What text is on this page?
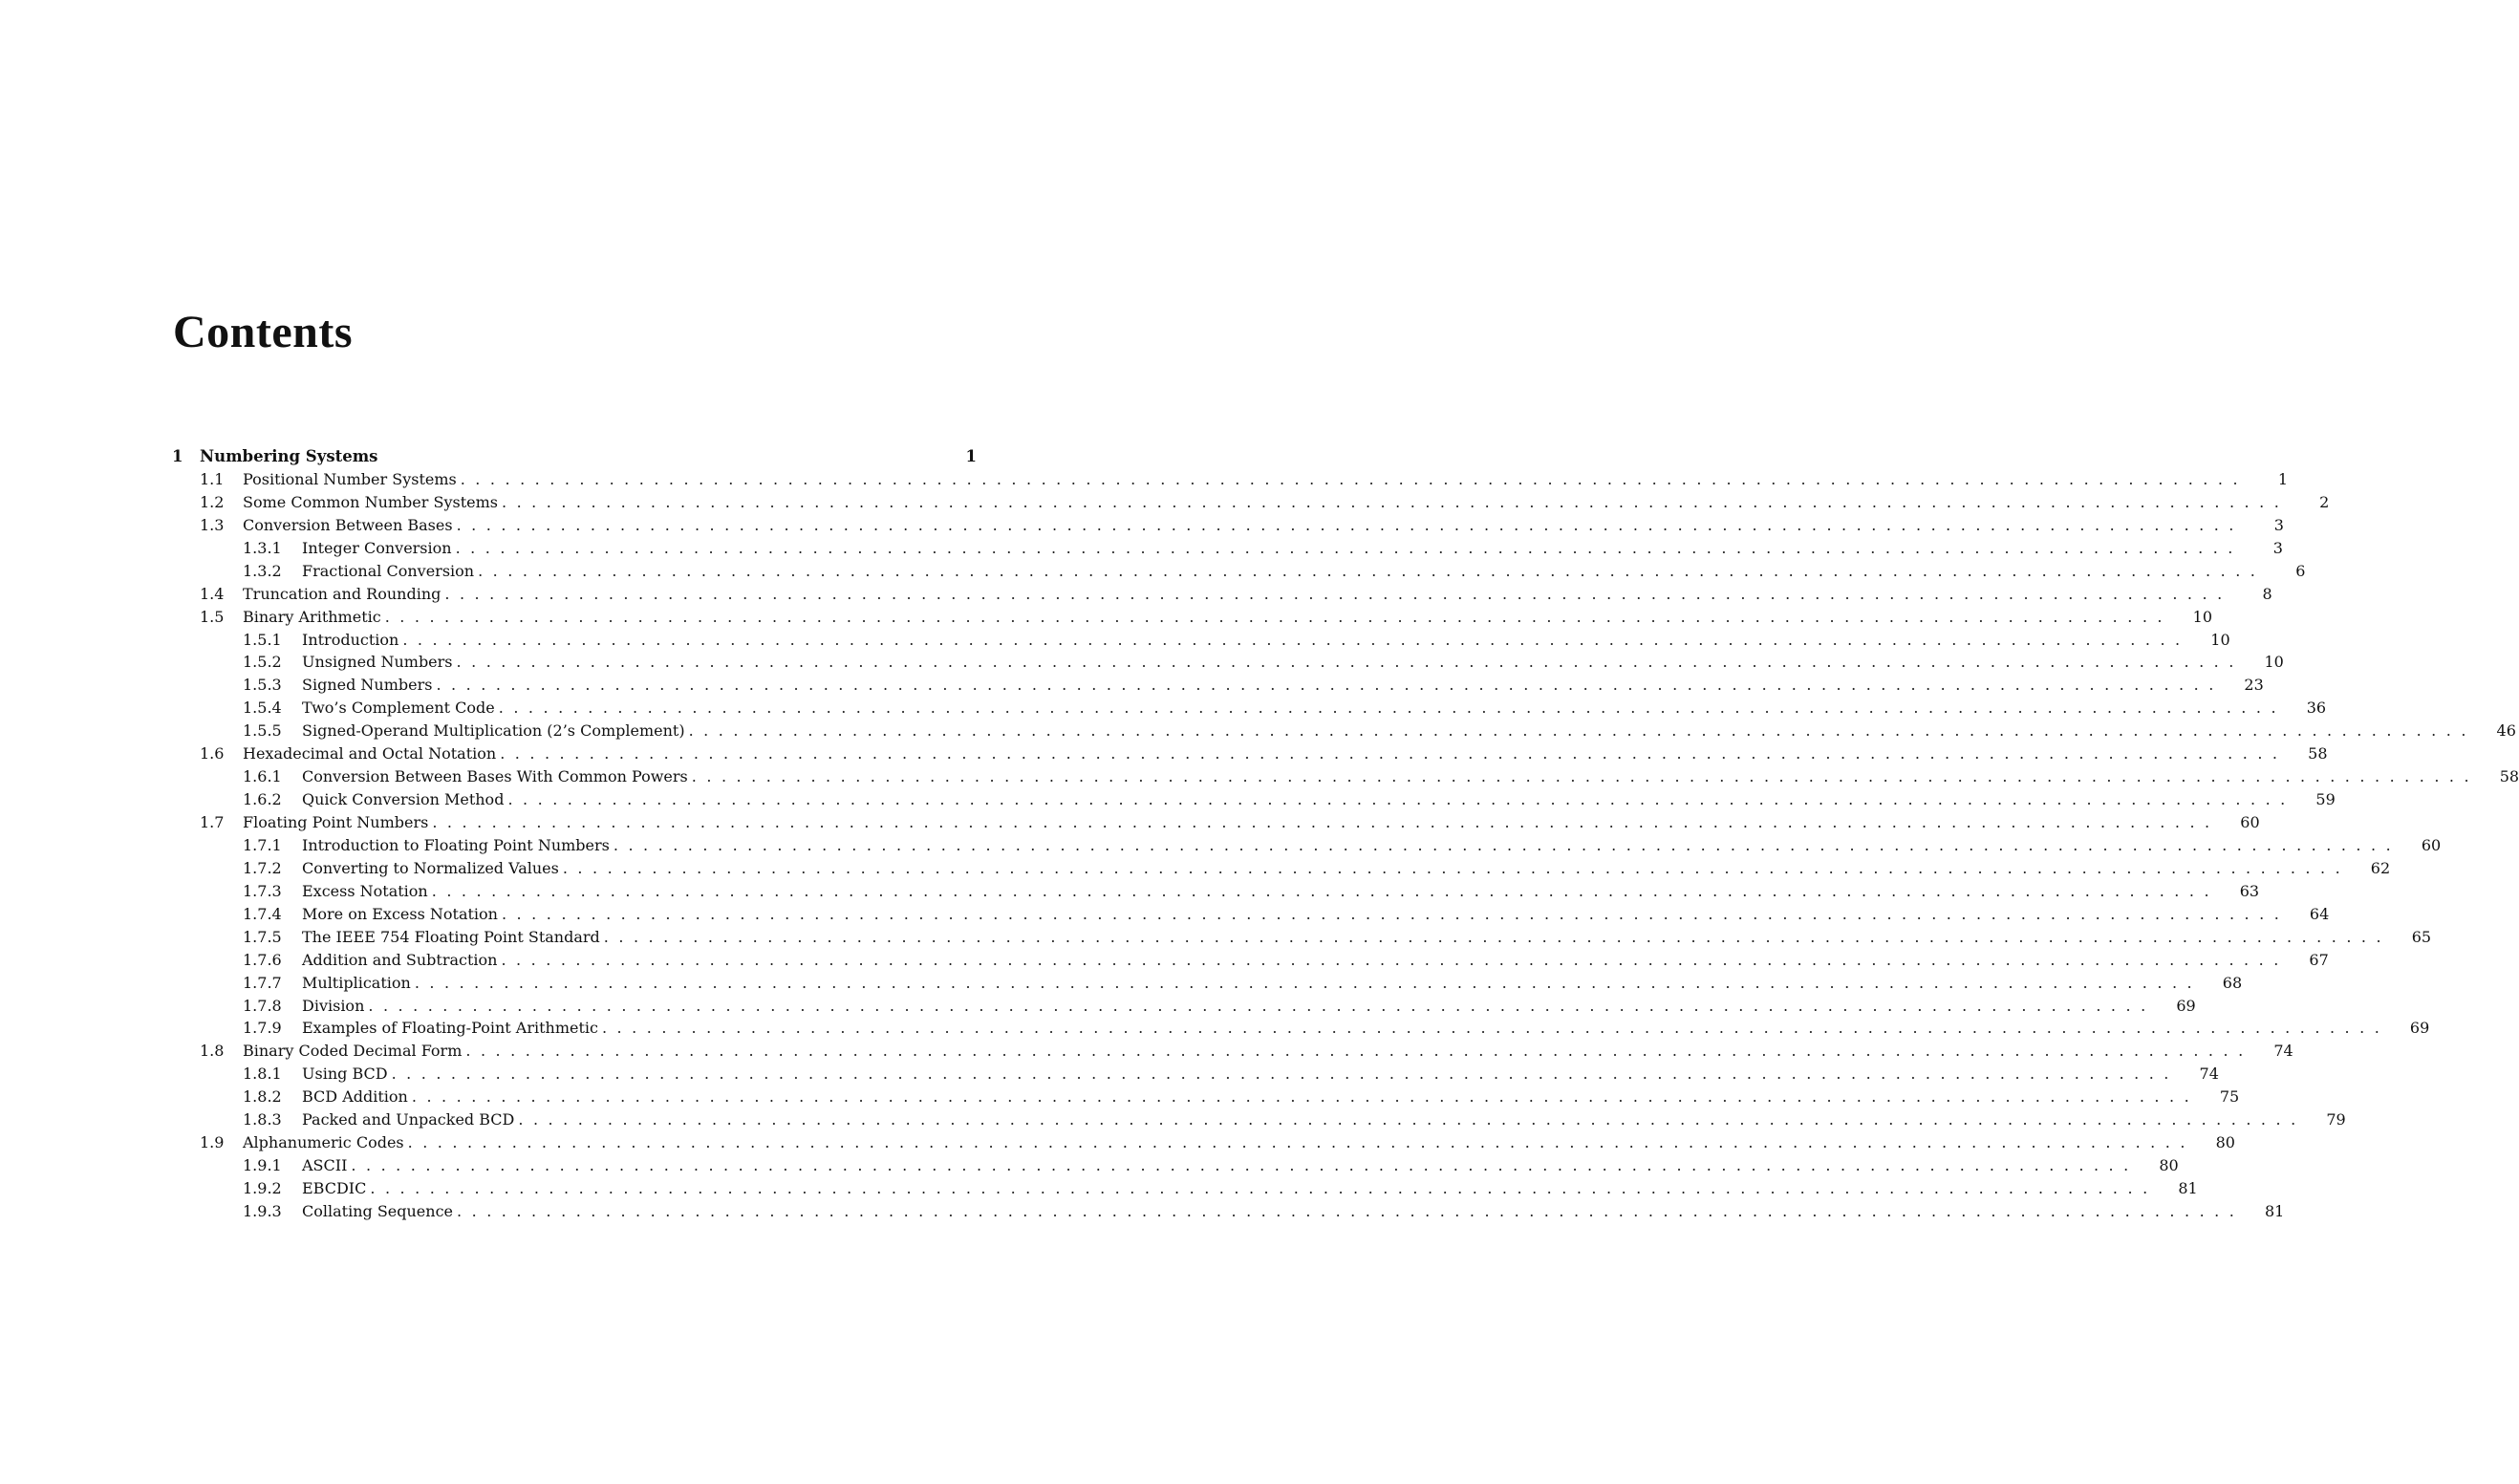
Contents
1	Numbering Systems	1
1.1	Positional Number Systems ........................................................................................................................	1
1.2	Some Common Number Systems ........................................................................................................................	2
1.3	Conversion Between Bases ........................................................................................................................	3
1.3.1	Integer Conversion ........................................................................................................................	3
1.3.2	Fractional Conversion ........................................................................................................................	6
1.4	Truncation and Rounding ........................................................................................................................	8
1.5	Binary Arithmetic ........................................................................................................................	10
1.5.1	Introduction ........................................................................................................................	10
1.5.2	Unsigned Numbers ........................................................................................................................	10
1.5.3	Signed Numbers ........................................................................................................................	23
1.5.4	Two’s Complement Code ........................................................................................................................	36
1.5.5	Signed-Operand Multiplication (2’s Complement) ........................................................................................................................	46
1.6	Hexadecimal and Octal Notation ........................................................................................................................	58
1.6.1	Conversion Between Bases With Common Powers ........................................................................................................................	58
1.6.2	Quick Conversion Method ........................................................................................................................	59
1.7	Floating Point Numbers ........................................................................................................................	60
1.7.1	Introduction to Floating Point Numbers ........................................................................................................................	60
1.7.2	Converting to Normalized Values ........................................................................................................................	62
1.7.3	Excess Notation ........................................................................................................................	63
1.7.4	More on Excess Notation ........................................................................................................................	64
1.7.5	The IEEE 754 Floating Point Standard ........................................................................................................................	65
1.7.6	Addition and Subtraction ........................................................................................................................	67
1.7.7	Multiplication ........................................................................................................................	68
1.7.8	Division ........................................................................................................................	69
1.7.9	Examples of Floating-Point Arithmetic ........................................................................................................................	69
1.8	Binary Coded Decimal Form ........................................................................................................................	74
1.8.1	Using BCD ........................................................................................................................	74
1.8.2	BCD Addition ........................................................................................................................	75
1.8.3	Packed and Unpacked BCD ........................................................................................................................	79
1.9	Alphanumeric Codes ........................................................................................................................	80
1.9.1	ASCII ........................................................................................................................	80
1.9.2	EBCDIC ........................................................................................................................	81
1.9.3	Collating Sequence ........................................................................................................................	81
